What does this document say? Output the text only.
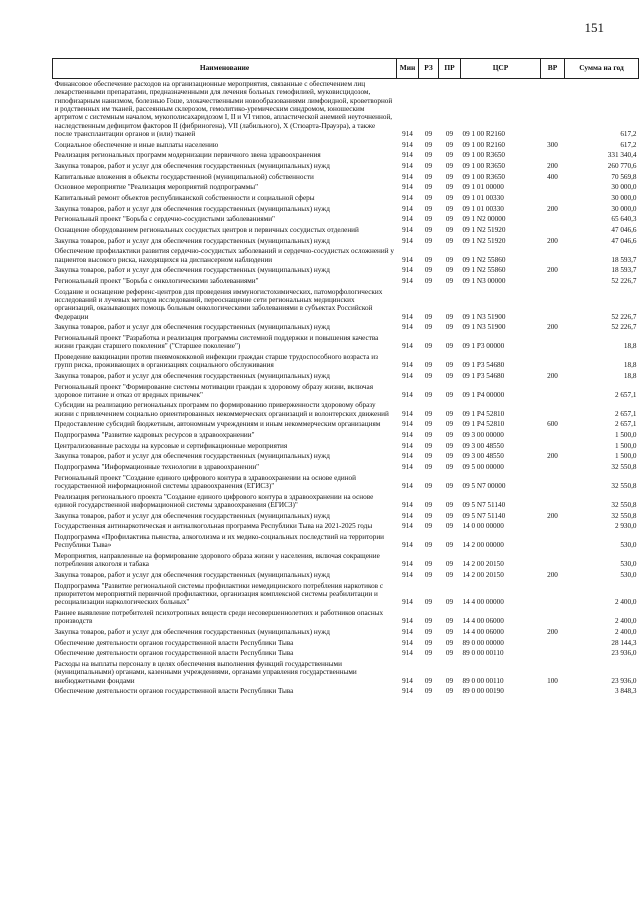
151
Наименование	Мин	РЗ	ПР	ЦСР	ВР	Сумма на год
Финансовое обеспечение расходов на организационные мероприятия, связанные с обеспечением лиц лекарственными препаратами, предназначенными для лечения больных гемофилией, муковисцидозом, гипофизарным нанизмом, болезнью Гоше, злокачественными новообразованиями лимфоидной, кроветворной и родственных им тканей, рассеянным склерозом, гемолитико-уремическим синдромом, юношеским артритом с системным началом, мукополисахаридозом I, II и VI типов, апластической анемией неуточненной, наследственным дефицитом факторов II (фибриногена), VII (лабильного), X (Стюарта-Прауэра), а также после трансплантации органов и (или) тканей	914	09	09	09 1 00 R2160		617,2
Социальное обеспечение и иные выплаты населению	914	09	09	09 1 00 R2160	300	617,2
Реализация региональных программ модернизации первичного звена здравоохранения	914	09	09	09 1 00 R3650		331 340,4
Закупка товаров, работ и услуг для обеспечения государственных (муниципальных) нужд	914	09	09	09 1 00 R3650	200	260 770,6
Капитальные вложения в объекты государственной (муниципальной) собственности	914	09	09	09 1 00 R3650	400	70 569,8
Основное мероприятие "Реализация мероприятий подпрограммы"	914	09	09	09 1 01 00000		30 000,0
Капитальный ремонт объектов республиканской собственности и социальной сферы	914	09	09	09 1 01 00330		30 000,0
Закупка товаров, работ и услуг для обеспечения государственных (муниципальных) нужд	914	09	09	09 1 01 00330	200	30 000,0
Региональный проект "Борьба с сердечно-сосудистыми заболеваниями"	914	09	09	09 1 N2 00000		65 640,3
Оснащение оборудованием региональных сосудистых центров и первичных сосудистых отделений	914	09	09	09 1 N2 51920		47 046,6
Закупка товаров, работ и услуг для обеспечения государственных (муниципальных) нужд	914	09	09	09 1 N2 51920	200	47 046,6
Обеспечение профилактики развития сердечно-сосудистых заболеваний и сердечно-сосудистых осложнений у пациентов высокого риска, находящихся на диспансерном наблюдении	914	09	09	09 1 N2 55860		18 593,7
Закупка товаров, работ и услуг для обеспечения государственных (муниципальных) нужд	914	09	09	09 1 N2 55860	200	18 593,7
Региональный проект "Борьба с онкологическими заболеваниями"	914	09	09	09 1 N3 00000		52 226,7
Создание и оснащение референс-центров для проведения иммуногистохимических, патоморфологических исследований и лучевых методов исследований, переоснащение сети региональных медицинских организаций, оказывающих помощь больным онкологическими заболеваниями в субъектах Российской Федерации	914	09	09	09 1 N3 51900		52 226,7
Закупка товаров, работ и услуг для обеспечения государственных (муниципальных) нужд	914	09	09	09 1 N3 51900	200	52 226,7
Региональный проект "Разработка и реализация программы системной поддержки и повышения качества жизни граждан старшего поколения" ("Старшее поколение")	914	09	09	09 1 P3 00000		18,8
Проведение вакцинации против пневмококковой инфекции граждан старше трудоспособного возраста из групп риска, проживающих в организациях социального обслуживания	914	09	09	09 1 P3 54680		18,8
Закупка товаров, работ и услуг для обеспечения государственных (муниципальных) нужд	914	09	09	09 1 P3 54680	200	18,8
Региональный проект "Формирование системы мотивации граждан к здоровому образу жизни, включая здоровое питание и отказ от вредных привычек"	914	09	09	09 1 P4 00000		2 657,1
Субсидии на реализацию региональных программ по формированию приверженности здоровому образу жизни с привлечением социально ориентированных некоммерческих организаций и волонтерских движений	914	09	09	09 1 P4 52810		2 657,1
Предоставление субсидий бюджетным, автономным учреждениям и иным некоммерческим организациям	914	09	09	09 1 P4 52810	600	2 657,1
Подпрограмма "Развитие кадровых ресурсов в здравоохранении"	914	09	09	09 3 00 00000		1 500,0
Централизованные расходы на курсовые и сертификационные мероприятия	914	09	09	09 3 00 48550		1 500,0
Закупка товаров, работ и услуг для обеспечения государственных (муниципальных) нужд	914	09	09	09 3 00 48550	200	1 500,0
Подпрограмма "Информационные технологии в здравоохранении"	914	09	09	09 5 00 00000		32 550,8
Региональный проект "Создание единого цифрового контура в здравоохранении на основе единой государственной информационной системы здравоохранения (ЕГИСЗ)"	914	09	09	09 5 N7 00000		32 550,8
Реализация регионального проекта "Создание единого цифрового контура в здравоохранении на основе единой государственной информационной системы здравоохранения (ЕГИСЗ)"	914	09	09	09 5 N7 51140		32 550,8
Закупка товаров, работ и услуг для обеспечения государственных (муниципальных) нужд	914	09	09	09 5 N7 51140	200	32 550,8
Государственная антинаркотическая и антиалкогольная программа Республики Тыва на 2021-2025 годы	914	09	09	14 0 00 00000		2 930,0
Подпрограмма «Профилактика пьянства, алкоголизма и их медико-социальных последствий на территории Республики Тыва»	914	09	09	14 2 00 00000		530,0
Мероприятия, направленные на формирование здорового образа жизни у населения, включая сокращение потребления алкоголя и табака	914	09	09	14 2 00 20150		530,0
Закупка товаров, работ и услуг для обеспечения государственных (муниципальных) нужд	914	09	09	14 2 00 20150	200	530,0
Подпрограмма "Развитие региональной системы профилактики немедицинского потребления наркотиков с приоритетом мероприятий первичной профилактики, организация комплексной системы реабилитации и ресоциализации наркологических больных"	914	09	09	14 4 00 00000		2 400,0
Раннее выявление потребителей психотропных веществ среди несовершеннолетних и работников опасных производств	914	09	09	14 4 00 06000		2 400,0
Закупка товаров, работ и услуг для обеспечения государственных (муниципальных) нужд	914	09	09	14 4 00 06000	200	2 400,0
Обеспечение деятельности органов государственной власти Республики Тыва	914	09	09	89 0 00 00000		28 144,3
Обеспечение деятельности органов государственной власти Республики Тыва	914	09	09	89 0 00 00110		23 936,0
Расходы на выплаты персоналу в целях обеспечения выполнения функций государственными (муниципальными) органами, казенными учреждениями, органами управления государственными внебюджетными фондами	914	09	09	89 0 00 00110	100	23 936,0
Обеспечение деятельности органов государственной власти Республики Тыва	914	09	09	89 0 00 00190		3 848,3
